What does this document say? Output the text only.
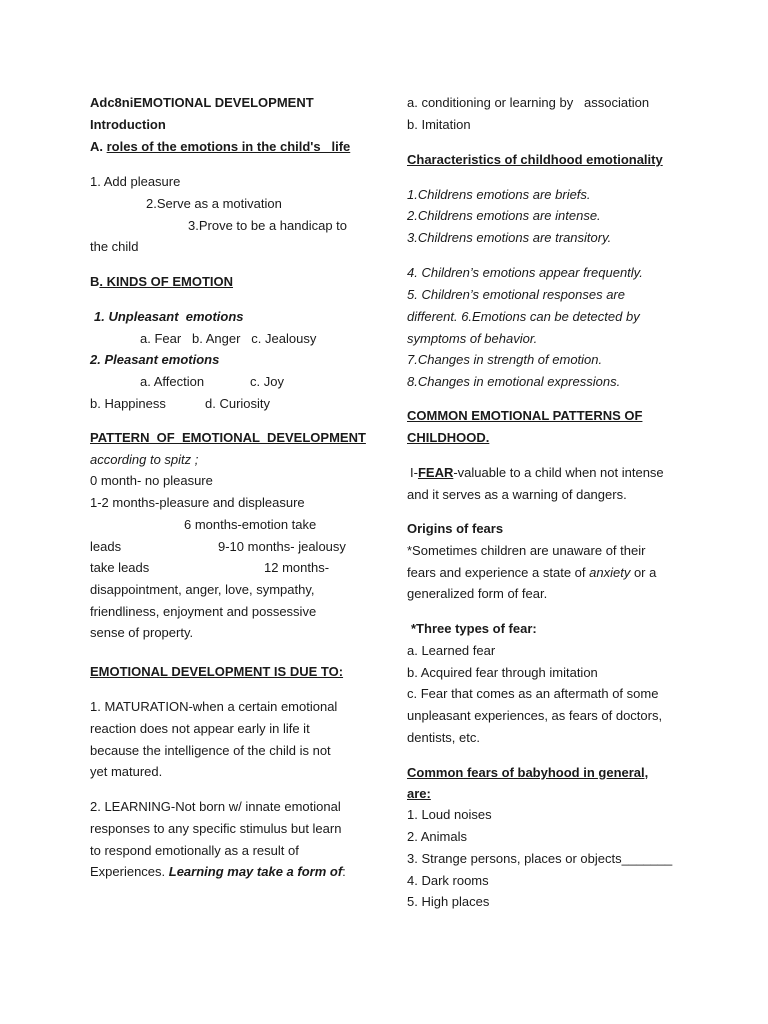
Adc8niEMOTIONAL DEVELOPMENT
Introduction
A. roles of the emotions in the child's   life
1. Add pleasure
2.Serve as a motivation
3.Prove to be a handicap to
the child
B. KINDS OF EMOTION
1. Unpleasant  emotions
a. Fear   b. Anger   c. Jealousy
2. Pleasant emotions
a. Affection	c. Joy
b. Happiness	d. Curiosity
PATTERN  OF  EMOTIONAL  DEVELOPMENT
according to spitz ;
0 month- no pleasure
1-2 months-pleasure and displeasure
6 months-emotion take
leads	9-10 months- jealousy
take leads	12 months-
disappointment, anger, love, sympathy,
friendliness, enjoyment and possessive
sense of property.
EMOTIONAL DEVELOPMENT IS DUE TO:
1. MATURATION-when a certain emotional
reaction does not appear early in life it
because the intelligence of the child is not
yet matured.
2. LEARNING-Not born w/ innate emotional
responses to any specific stimulus but learn
to respond emotionally as a result of
Experiences. Learning may take a form of:
a. conditioning or learning by   association
b. Imitation
Characteristics of childhood emotionality
1.Childrens emotions are briefs.
2.Childrens emotions are intense.
3.Childrens emotions are transitory.
4. Children’s emotions appear frequently.
5. Children’s emotional responses are
different. 6.Emotions can be detected by
symptoms of behavior.
7.Changes in strength of emotion.
8.Changes in emotional expressions.
COMMON EMOTIONAL PATTERNS OF
CHILDHOOD.
I-FEAR-valuable to a child when not intense
and it serves as a warning of dangers.
Origins of fears
*Sometimes children are unaware of their
fears and experience a state of anxiety or a
generalized form of fear.
*Three types of fear:
a. Learned fear
b. Acquired fear through imitation
c. Fear that comes as an aftermath of some
unpleasant experiences, as fears of doctors,
dentists, etc.
Common fears of babyhood in general,
are:
1. Loud noises
2. Animals
3. Strange persons, places or objects_______
4. Dark rooms
5. High places
